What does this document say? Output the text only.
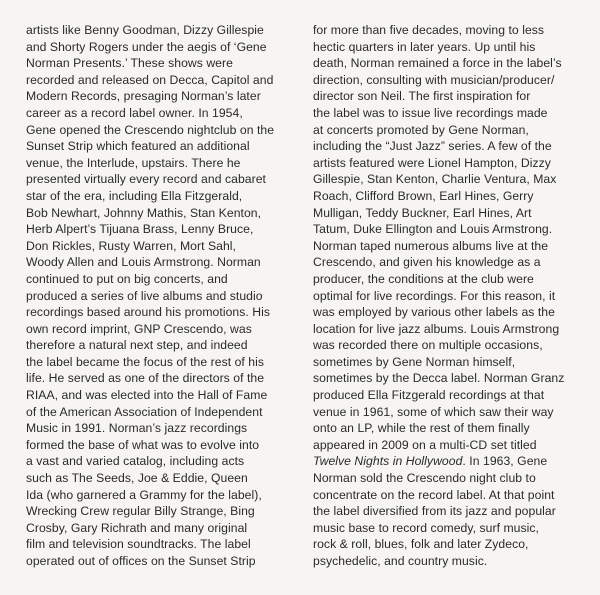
artists like Benny Goodman, Dizzy Gillespie
and Shorty Rogers under the aegis of ‘Gene
Norman Presents.’ These shows were
recorded and released on Decca, Capitol and
Modern Records, presaging Norman’s later
career as a record label owner. In 1954,
Gene opened the Crescendo nightclub on the
Sunset Strip which featured an additional
venue, the Interlude, upstairs. There he
presented virtually every record and cabaret
star of the era, including Ella Fitzgerald,
Bob Newhart, Johnny Mathis, Stan Kenton,
Herb Alpert’s Tijuana Brass, Lenny Bruce,
Don Rickles, Rusty Warren, Mort Sahl,
Woody Allen and Louis Armstrong. Norman
continued to put on big concerts, and
produced a series of live albums and studio
recordings based around his promotions. His
own record imprint, GNP Crescendo, was
therefore a natural next step, and indeed
the label became the focus of the rest of his
life. He served as one of the directors of the
RIAA, and was elected into the Hall of Fame
of the American Association of Independent
Music in 1991. Norman’s jazz recordings
formed the base of what was to evolve into
a vast and varied catalog, including acts
such as The Seeds, Joe & Eddie, Queen
Ida (who garnered a Grammy for the label),
Wrecking Crew regular Billy Strange, Bing
Crosby, Gary Richrath and many original
film and television soundtracks. The label
operated out of offices on the Sunset Strip
for more than five decades, moving to less
hectic quarters in later years. Up until his
death, Norman remained a force in the label’s
direction, consulting with musician/producer/
director son Neil. The first inspiration for
the label was to issue live recordings made
at concerts promoted by Gene Norman,
including the “Just Jazz” series. A few of the
artists featured were Lionel Hampton, Dizzy
Gillespie, Stan Kenton, Charlie Ventura, Max
Roach, Clifford Brown, Earl Hines, Gerry
Mulligan, Teddy Buckner, Earl Hines, Art
Tatum, Duke Ellington and Louis Armstrong.
Norman taped numerous albums live at the
Crescendo, and given his knowledge as a
producer, the conditions at the club were
optimal for live recordings. For this reason, it
was employed by various other labels as the
location for live jazz albums. Louis Armstrong
was recorded there on multiple occasions,
sometimes by Gene Norman himself,
sometimes by the Decca label. Norman Granz
produced Ella Fitzgerald recordings at that
venue in 1961, some of which saw their way
onto an LP, while the rest of them finally
appeared in 2009 on a multi-CD set titled
Twelve Nights in Hollywood. In 1963, Gene
Norman sold the Crescendo night club to
concentrate on the record label. At that point
the label diversified from its jazz and popular
music base to record comedy, surf music,
rock & roll, blues, folk and later Zydeco,
psychedelic, and country music.
